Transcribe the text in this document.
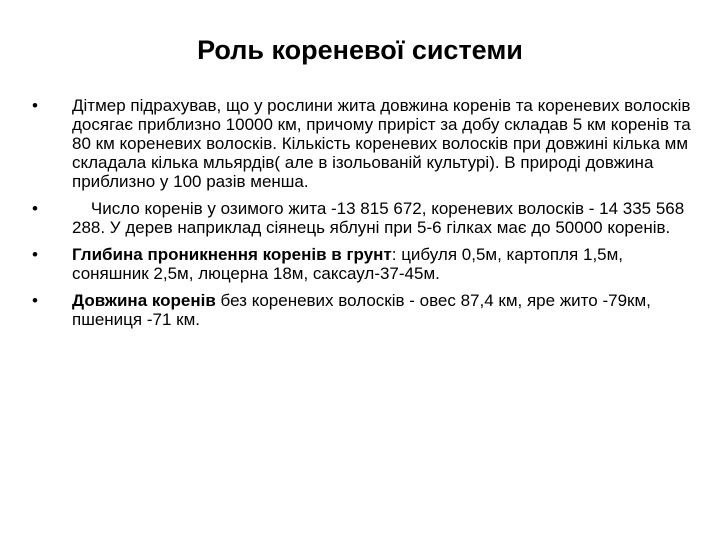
Роль кореневої системи
•	Дітмер підрахував, що у рослини жита довжина коренів та кореневих волосків досягає приблизно 10000 км, причому приріст за добу складав 5 км коренів та 80 км кореневих волосків. Кількість кореневих волосків при довжині кілька мм складала кілька мльярдів( але в ізольованій культурі). В природі довжина приблизно у 100 разів менша.
•	Число коренів у озимого жита -13 815 672, кореневих волосків - 14 335 568 288. У дерев наприклад сіянець яблуні при 5-6 гілках має до 50000 коренів.
•	Глибина проникнення коренів в грунт: цибуля 0,5м, картопля 1,5м, соняшник 2,5м, люцерна 18м, саксаул-37-45м.
•	Довжина коренів без кореневих волосків - овес 87,4 км, яре жито -79км, пшениця -71 км.
